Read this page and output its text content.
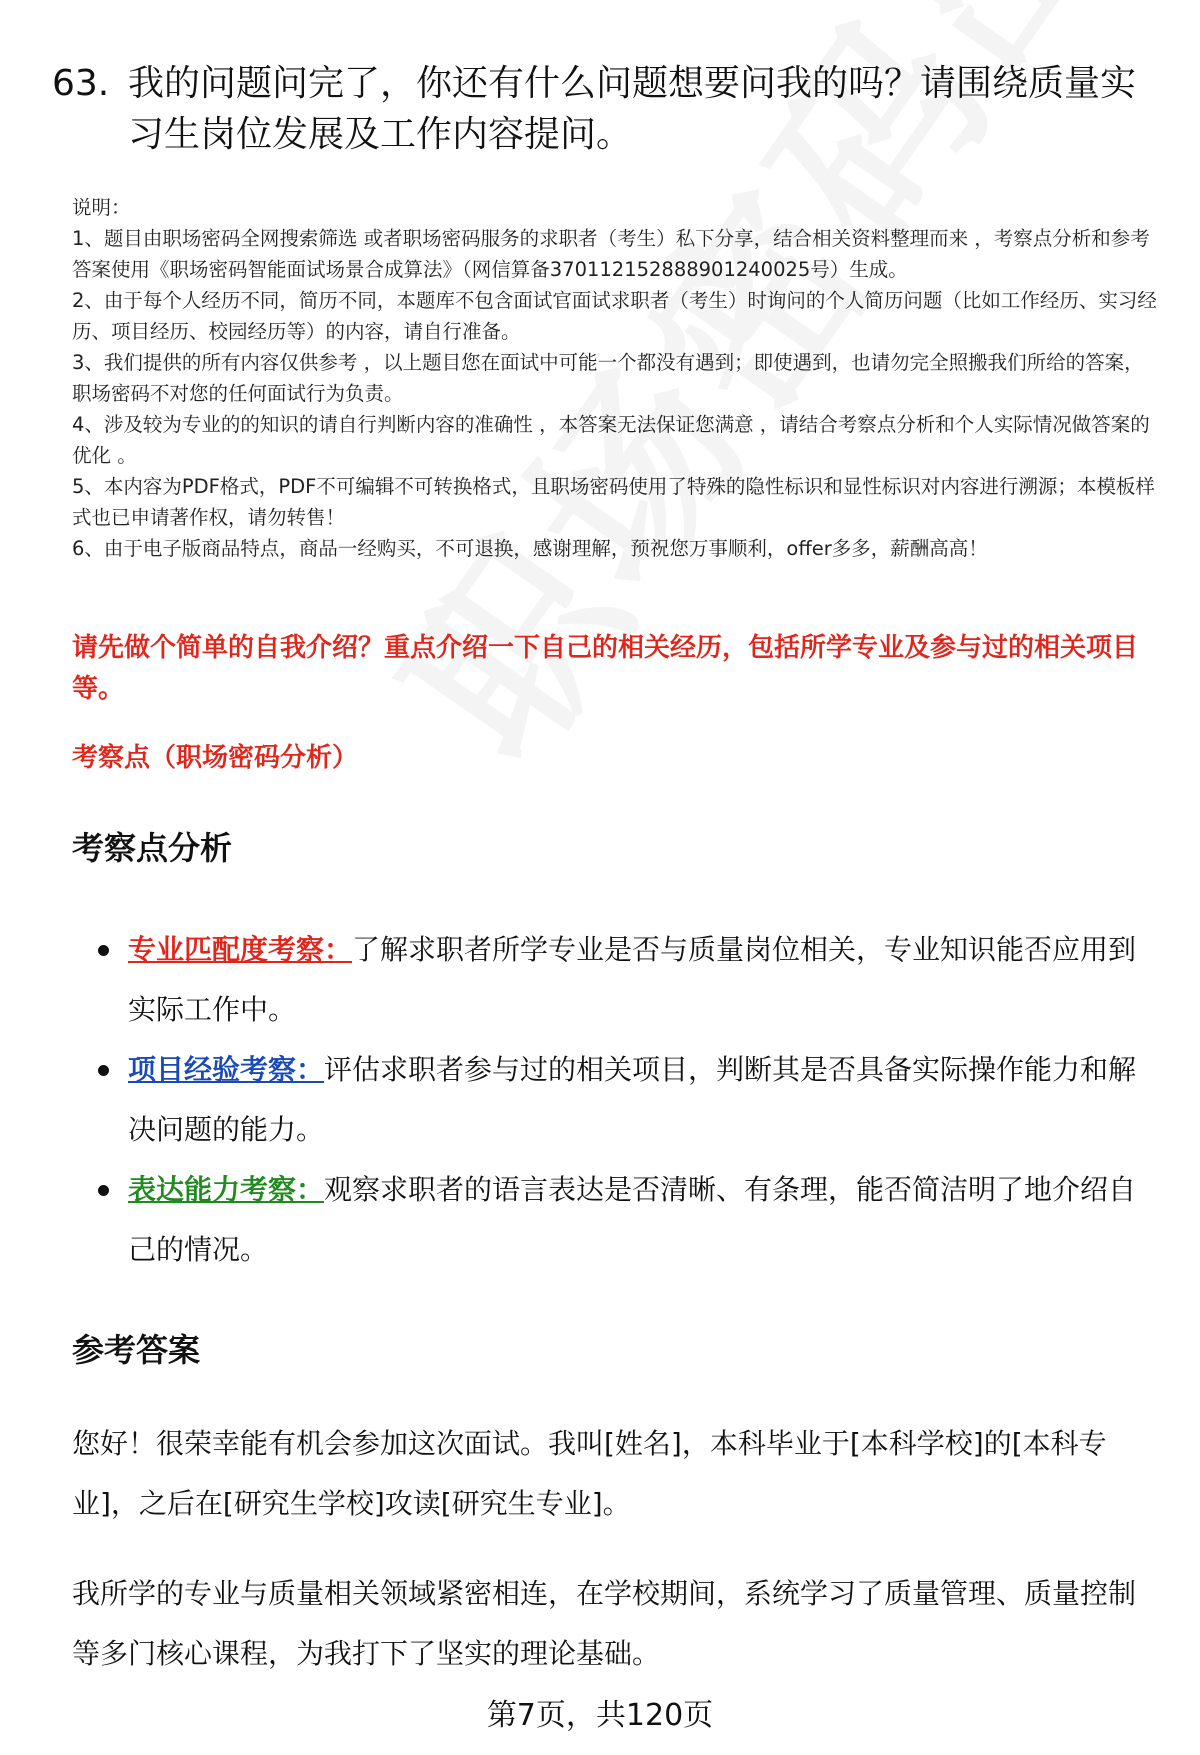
63. 我的问题问完了，你还有什么问题想要问我的吗？请围绕质量实习生岗位发展及工作内容提问。

说明：

1、题目由职场密码全网搜索筛选 或者职场密码服务的求职者（考生）私下分享，结合相关资料整理而来 ，考察点分析和参考答案使用《职场密码智能面试场景合成算法》（网信算备370112152888901240025号）生成。

2、由于每个人经历不同，简历不同，本题库不包含面试官面试求职者（考生）时询问的个人简历问题（比如工作经历、实习经历、项目经历、校园经历等）的内容，请自行准备。

3、我们提供的所有内容仅供参考 ，以上题目您在面试中可能一个都没有遇到；即使遇到，也请勿完全照搬我们所给的答案，职场密码不对您的任何面试行为负责。

4、涉及较为专业的的知识的请自行判断内容的准确性 ，本答案无法保证您满意 ，请结合考察点分析和个人实际情况做答案的优化 。

5、本内容为PDF格式，PDF不可编辑不可转换格式，且职场密码使用了特殊的隐性标识和显性标识对内容进行溯源；本模板样式也已申请著作权，请勿转售！

6、由于电子版商品特点，商品一经购买，不可退换，感谢理解，预祝您万事顺利，offer多多，薪酬高高！

请先做个简单的自我介绍？重点介绍一下自己的相关经历，包括所学专业及参与过的相关项目等。
考察点（职场密码分析）
考察点分析
专业匹配度考察：了解求职者所学专业是否与质量岗位相关，专业知识能否应用到实际工作中。
项目经验考察：评估求职者参与过的相关项目，判断其是否具备实际操作能力和解决问题的能力。
表达能力考察：观察求职者的语言表达是否清晰、有条理，能否简洁明了地介绍自己的情况。
参考答案

您好！很荣幸能有机会参加这次面试。我叫[姓名]，本科毕业于[本科学校]的[本科专业]，之后在[研究生学校]攻读[研究生专业]。

我所学的专业与质量相关领域紧密相连，在学校期间，系统学习了质量管理、质量控制等多门核心课程，为我打下了坚实的理论基础。

第7页，共120页
